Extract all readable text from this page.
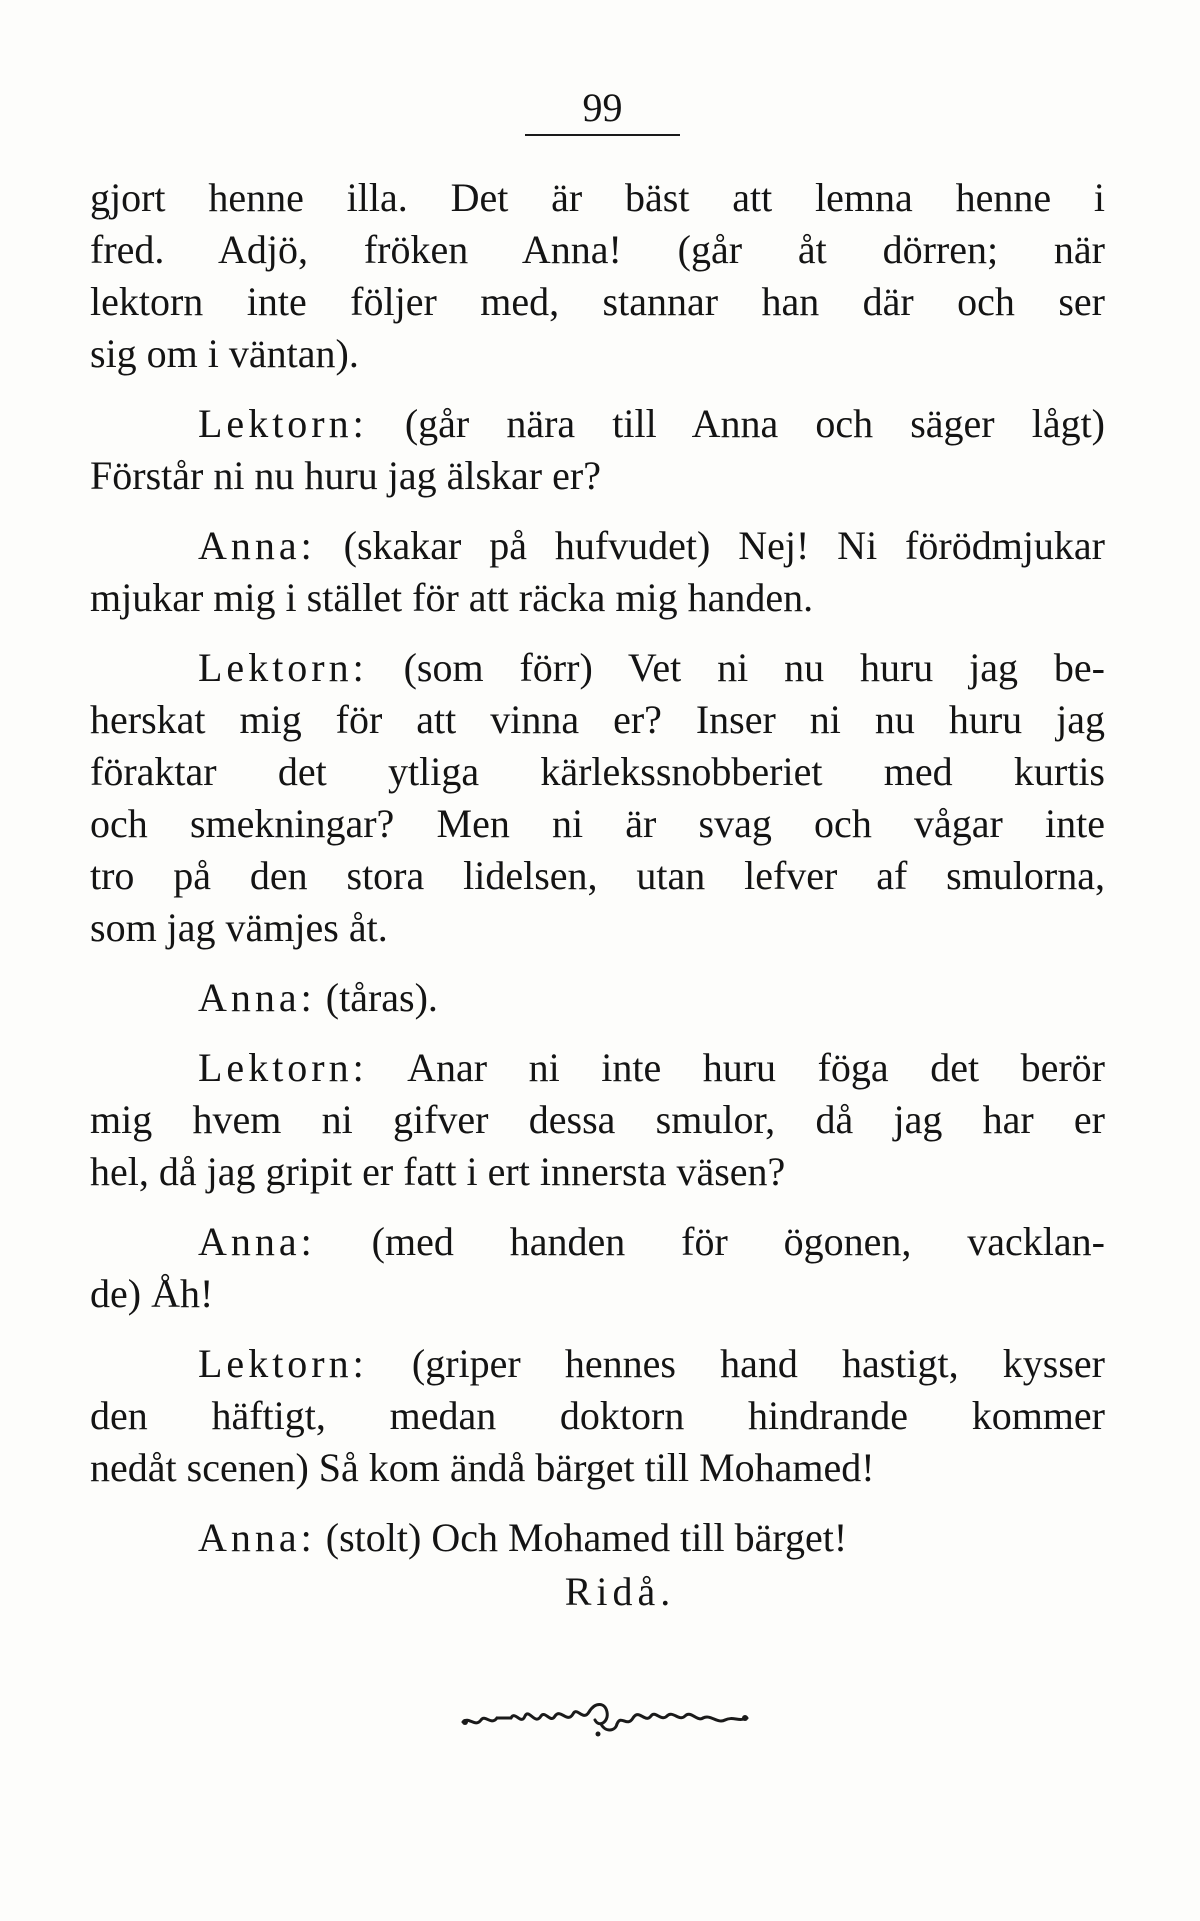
99
gjort henne illa. Det är bäst att lemna henne i
fred. Adjö, fröken Anna! (går åt dörren; när
lektorn inte följer med, stannar han där och ser
sig om i väntan).
Lektorn: (går nära till Anna och säger lågt)
Förstår ni nu huru jag älskar er?
Anna: (skakar på hufvudet) Nej! Ni förödmjukar
mjukar mig i stället för att räcka mig handen.
Lektorn: (som förr) Vet ni nu huru jag be-
herskat mig för att vinna er? Inser ni nu huru jag
föraktar det ytliga kärlekssnobberiet med kurtis
och smekningar? Men ni är svag och vågar inte
tro på den stora lidelsen, utan lefver af smulorna,
som jag vämjes åt.
Anna: (tåras).
Lektorn: Anar ni inte huru föga det berör
mig hvem ni gifver dessa smulor, då jag har er
hel, då jag gripit er fatt i ert innersta väsen?
Anna: (med handen för ögonen, vacklan-
de) Åh!
Lektorn: (griper hennes hand hastigt, kysser
den häftigt, medan doktorn hindrande kommer
nedåt scenen) Så kom ändå bärget till Mohamed!
Anna: (stolt) Och Mohamed till bärget!
Ridå.
